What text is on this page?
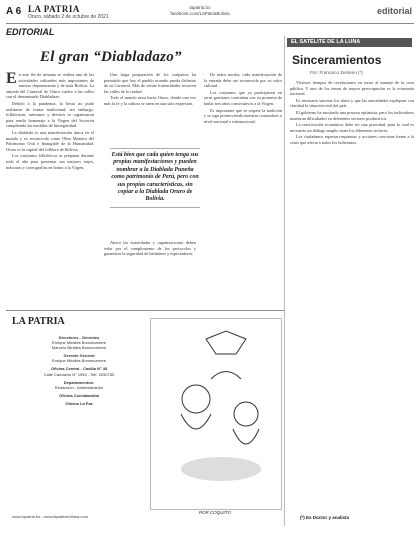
A 6 LA PATRIA
Oruro, sábado 2 de octubre de 2021
lapatria.bo
facebook.com/LaPatriaBolivia	editorial
EDITORIAL
El gran “Diabladazo”

En este fin de semana se realiza una de las actividades culturales más importantes de nuestro departamento y de toda Bolivia. La entrada del Carnaval de Oruro vuelve a las calles con el denominado Diabladazo.

Debido a la pandemia, la fiesta no pudo realizarse de forma tradicional; sin embargo, folkloristas, artesanos y devotos se organizaron para rendir homenaje a la Virgen del Socavón cumpliendo las medidas de bioseguridad.

La diablada es una manifestación única en el mundo y es reconocida como Obra Maestra del Patrimonio Oral e Intangible de la Humanidad. Oruro es la capital del folklore de Bolivia.

Los conjuntos folklóricos se preparan durante todo el año para presentar sus mejores trajes, máscaras y coreografías en honor a la Virgen.

Una larga preparación de los conjuntos ha permitido que hoy el pueblo orureño pueda disfrutar de su Carnaval. Más de veinte fraternidades recorren las calles de la ciudad.

Todo el mundo mira hacia Oruro, donde una vez más la fe y la cultura se unen en una sola expresión.

Está bien que cada quien tenga sus propias manifestaciones y pueden nombrar a la Diablada Puneña como patrimonio de Perú, pero con sus propias características, sin copiar a la Diablada Oruro de Bolivia.

Ahora las autoridades y organizaciones deben velar por el cumplimiento de los protocolos y garantizar la seguridad de bailarines y espectadores.

De todos modos, cada manifestación de la entrada debe ser reconocida por su valor cultural.

Los conjuntos que ya participaron en otras gestiones continúan con su promesa de bailar tres años consecutivos a la Virgen.

Es importante que se respete la tradición y se siga promoviendo nuestras costumbres a nivel nacional e internacional.

EL SATÉLITE DE LA LUNA
Sinceramientos
Por: Francisco Zenteno (*)

Vivimos tiempos de revelaciones en torno al manejo de la cosa pública. Y uno de los temas de mayor preocupación es la economía nacional.

Es necesario sincerar los datos y que las autoridades expliquen con claridad la situación real del país.

El gobierno ha mostrado una postura optimista, pero los indicadores muestran dificultades en diferentes sectores productivos.

La reactivación económica debe ser una prioridad, para lo cual es necesario un diálogo amplio entre los diferentes sectores.

Los ciudadanos esperan respuestas y acciones concretas frente a la crisis que afecta a todos los bolivianos.

(*) Es Doctor y analista
LA PATRIA
Directores - Gerentes
Enrique Miralles Bonnecarrere
Marcelo Miralles Bonnecarrere
Gerente General
Enrique Miralles Bonnecarrere
Oficina Central - Casilla N° 48
Calle Camacho N° 1954 - Telf. 5250780
Departamentos:
Redacción - Administración
Oficina Cochabamba
Oficina La Paz
www.lapatria.bo - www.lapatriaenlinea.com
POR COQUITO
